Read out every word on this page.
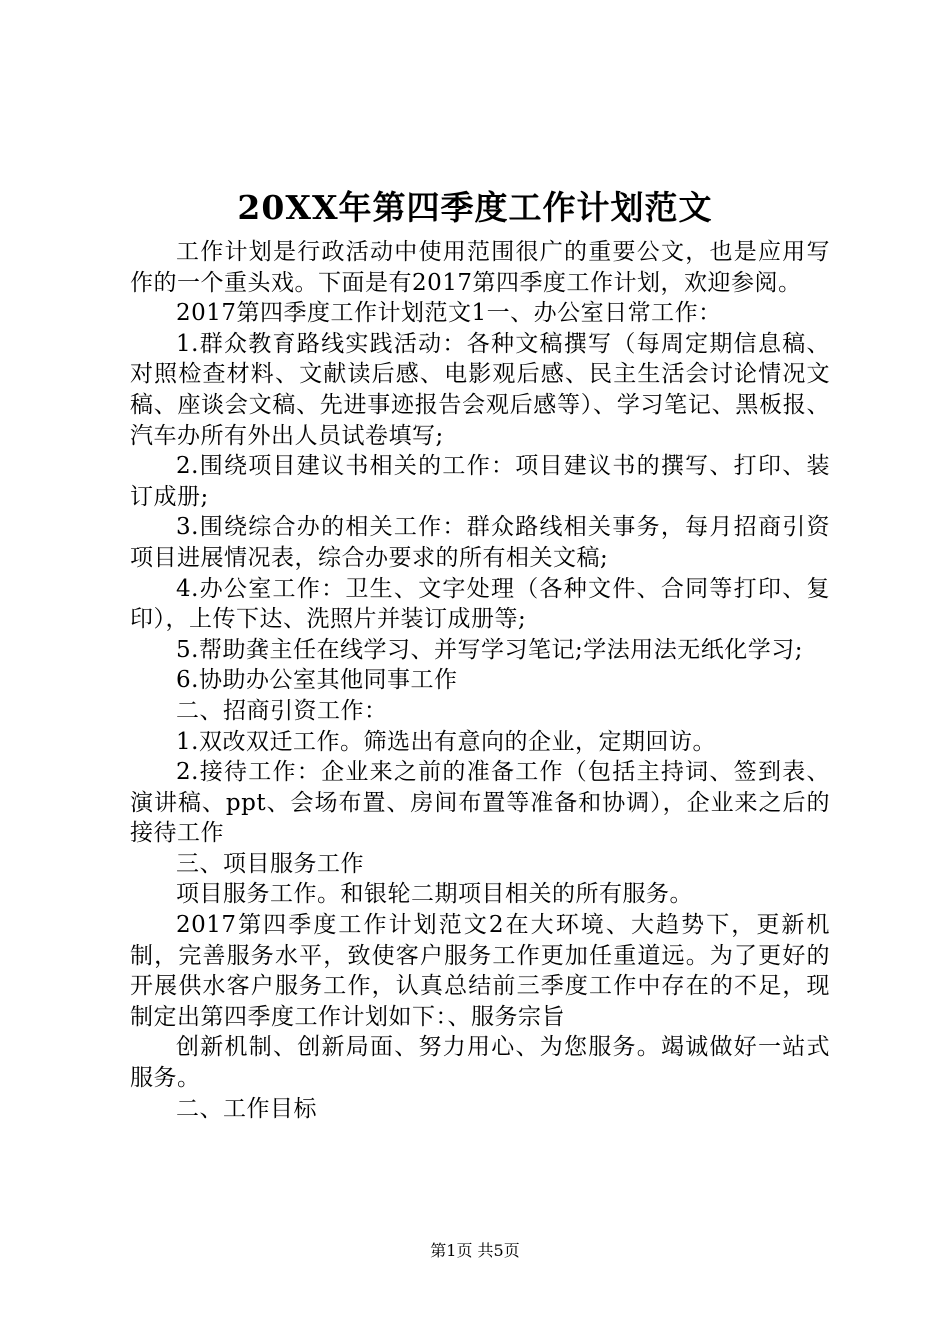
20XX年第四季度工作计划范文

工作计划是行政活动中使用范围很广的重要公文，也是应用写作的一个重头戏。下面是有2017第四季度工作计划，欢迎参阅。

2017第四季度工作计划范文1一、办公室日常工作：

1.群众教育路线实践活动：各种文稿撰写（每周定期信息稿、对照检查材料、文献读后感、电影观后感、民主生活会讨论情况文稿、座谈会文稿、先进事迹报告会观后感等）、学习笔记、黑板报、汽车办所有外出人员试卷填写;

2.围绕项目建议书相关的工作：项目建议书的撰写、打印、装订成册;

3.围绕综合办的相关工作：群众路线相关事务，每月招商引资项目进展情况表，综合办要求的所有相关文稿;

4.办公室工作：卫生、文字处理（各种文件、合同等打印、复印），上传下达、洗照片并装订成册等;

5.帮助龚主任在线学习、并写学习笔记;学法用法无纸化学习;

6.协助办公室其他同事工作

二、招商引资工作：

1.双改双迁工作。筛选出有意向的企业，定期回访。

2.接待工作：企业来之前的准备工作（包括主持词、签到表、演讲稿、ppt、会场布置、房间布置等准备和协调），企业来之后的接待工作

三、项目服务工作

项目服务工作。和银轮二期项目相关的所有服务。

2017第四季度工作计划范文2在大环境、大趋势下，更新机制，完善服务水平，致使客户服务工作更加任重道远。为了更好的开展供水客户服务工作，认真总结前三季度工作中存在的不足，现制定出第四季度工作计划如下：、服务宗旨

创新机制、创新局面、努力用心、为您服务。竭诚做好一站式服务。

二、工作目标

第1页 共5页
